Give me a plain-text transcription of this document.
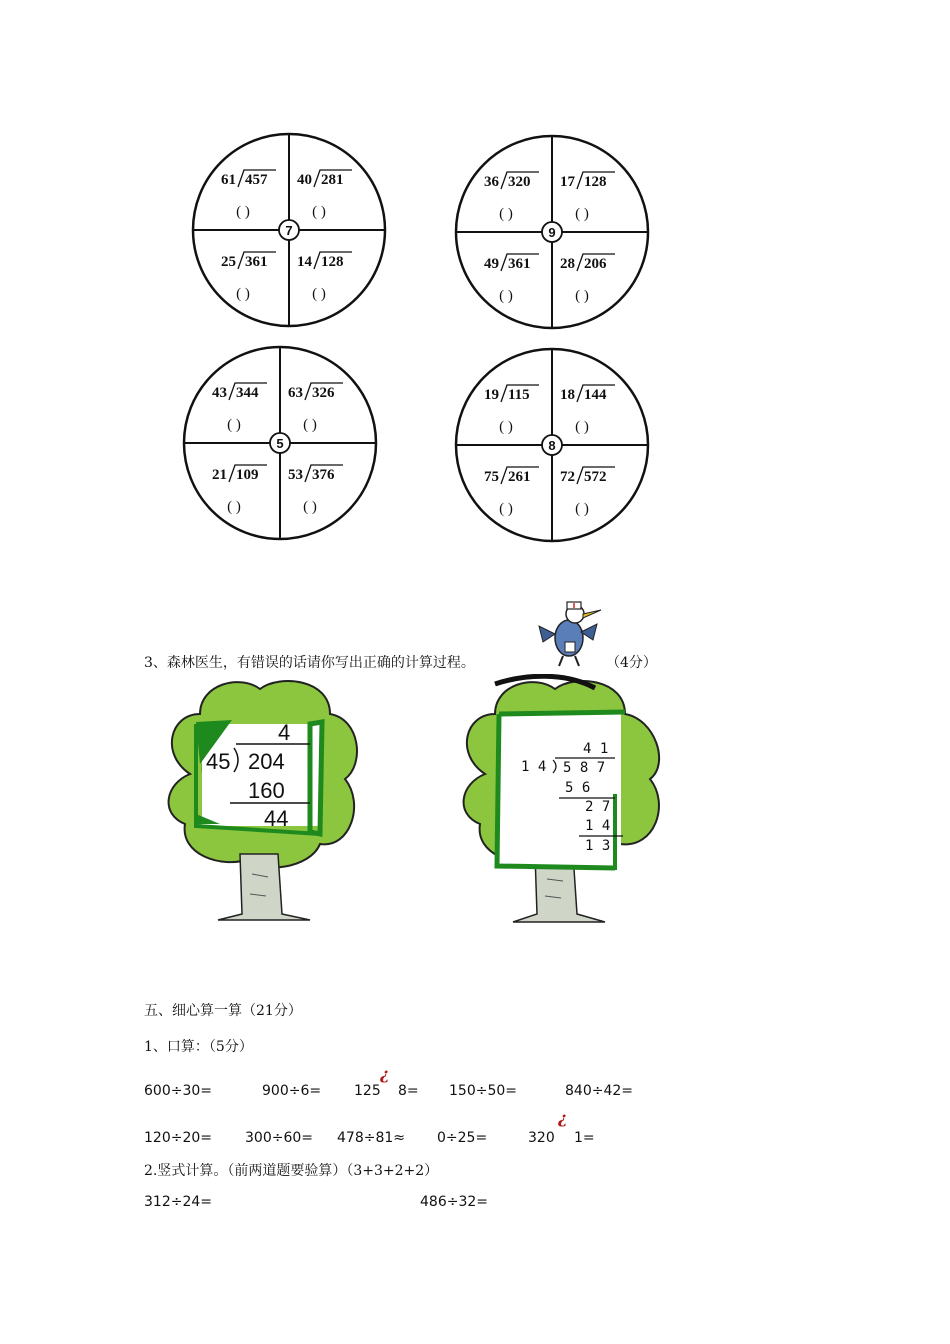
7
61 457
( )
40 281
( )
25 361
( )
14 128
( )
9
36 320
( )
17 128
( )
49 361
( )
28 206
( )
5
43 344
( )
63 326
( )
21 109
( )
53 376
( )
8
19 115
( )
18 144
( )
75 261
( )
72 572
( )
3、森林医生，有错误的话请你写出正确的计算过程。	（4分）
4
45 204
160
44
4 1
1 4 5 8 7
5 6
2 7
1 4
1 3
五、细心算一算（21分）
1、口算：（5分）
600÷30=	900÷6= 125
¿
8= 150÷50=	840÷42=
120÷20= 300÷60= 478÷81≈ 0÷25=	320
¿
1=
2.竖式计算。（前两道题要验算）（3+3+2+2）
312÷24=	486÷32=
